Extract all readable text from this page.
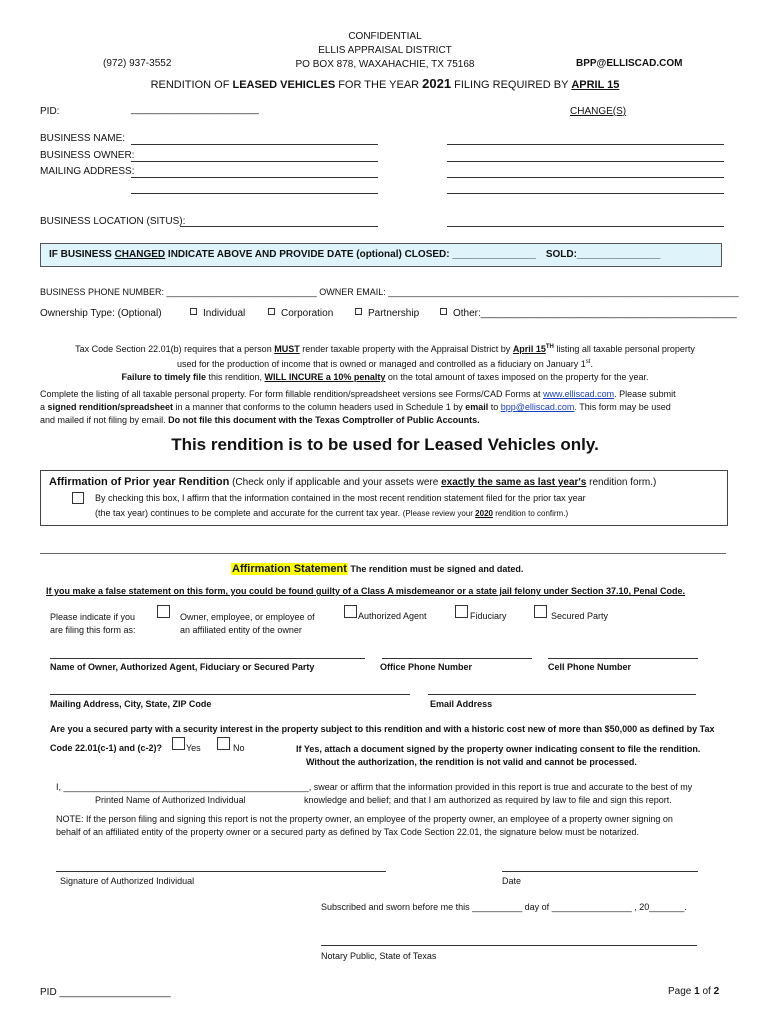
CONFIDENTIAL
ELLIS APPRAISAL DISTRICT
PO BOX 878, WAXAHACHIE, TX 75168
(972) 937-3552	BPP@ELLISCAD.COM
RENDITION OF LEASED VEHICLES FOR THE YEAR 2021 FILING REQUIRED BY APRIL 15
PID:	_______________________	CHANGE(S)
BUSINESS NAME:
BUSINESS OWNER:
MAILING ADDRESS:
BUSINESS LOCATION (SITUS):
IF BUSINESS CHANGED INDICATE ABOVE AND PROVIDE DATE (optional) CLOSED: _______________ SOLD:_______________
BUSINESS PHONE NUMBER: ______________________________ OWNER EMAIL: ______________________________________________________________________
Ownership Type: (Optional)	Individual	Corporation	Partnership	Other:______________________________________________
Tax Code Section 22.01(b) requires that a person MUST render taxable property with the Appraisal District by April 15TH listing all taxable personal property
used for the production of income that is owned or managed and controlled as a fiduciary on January 1st.
Failure to timely file this rendition, WILL INCURE a 10% penalty on the total amount of taxes imposed on the property for the year.
Complete the listing of all taxable personal property. For form fillable rendition/spreadsheet versions see Forms/CAD Forms at www.elliscad.com. Please submit
a signed rendition/spreadsheet in a manner that conforms to the column headers used in Schedule 1 by email to bpp@elliscad.com. This form may be used
and mailed if not filing by email. Do not file this document with the Texas Comptroller of Public Accounts.
This rendition is to be used for Leased Vehicles only.
Affirmation of Prior year Rendition (Check only if applicable and your assets were exactly the same as last year's rendition form.)
By checking this box, I affirm that the information contained in the most recent rendition statement filed for the prior tax year
(the tax year) continues to be complete and accurate for the current tax year. (Please review your 2020 rendition to confirm.)
Affirmation Statement The rendition must be signed and dated.
If you make a false statement on this form, you could be found guilty of a Class A misdemeanor or a state jail felony under Section 37.10, Penal Code.
Please indicate if you
are filing this form as:
Owner, employee, or employee of
an affiliated entity of the owner
Authorized Agent	Fiduciary	Secured Party
Name of Owner, Authorized Agent, Fiduciary or Secured Party	Office Phone Number	Cell Phone Number
Mailing Address, City, State, ZIP Code	Email Address
Are you a secured party with a security interest in the property subject to this rendition and with a historic cost new of more than $50,000 as defined by Tax
Code 22.01(c-1) and (c-2)?	Yes	No	If Yes, attach a document signed by the property owner indicating consent to file the rendition.
Without the authorization, the rendition is not valid and cannot be processed.
I, _________________________________________________, swear or affirm that the information provided in this report is true and accurate to the best of my
Printed Name of Authorized Individual	knowledge and belief; and that I am authorized as required by law to file and sign this report.
NOTE: If the person filing and signing this report is not the property owner, an employee of the property owner, an employee of a property owner signing on
behalf of an affiliated entity of the property owner or a secured party as defined by Tax Code Section 22.01, the signature below must be notarized.
Signature of Authorized Individual	Date
Subscribed and sworn before me this __________ day of ________________ , 20_______.
Notary Public, State of Texas
PID ____________________	Page 1 of 2
